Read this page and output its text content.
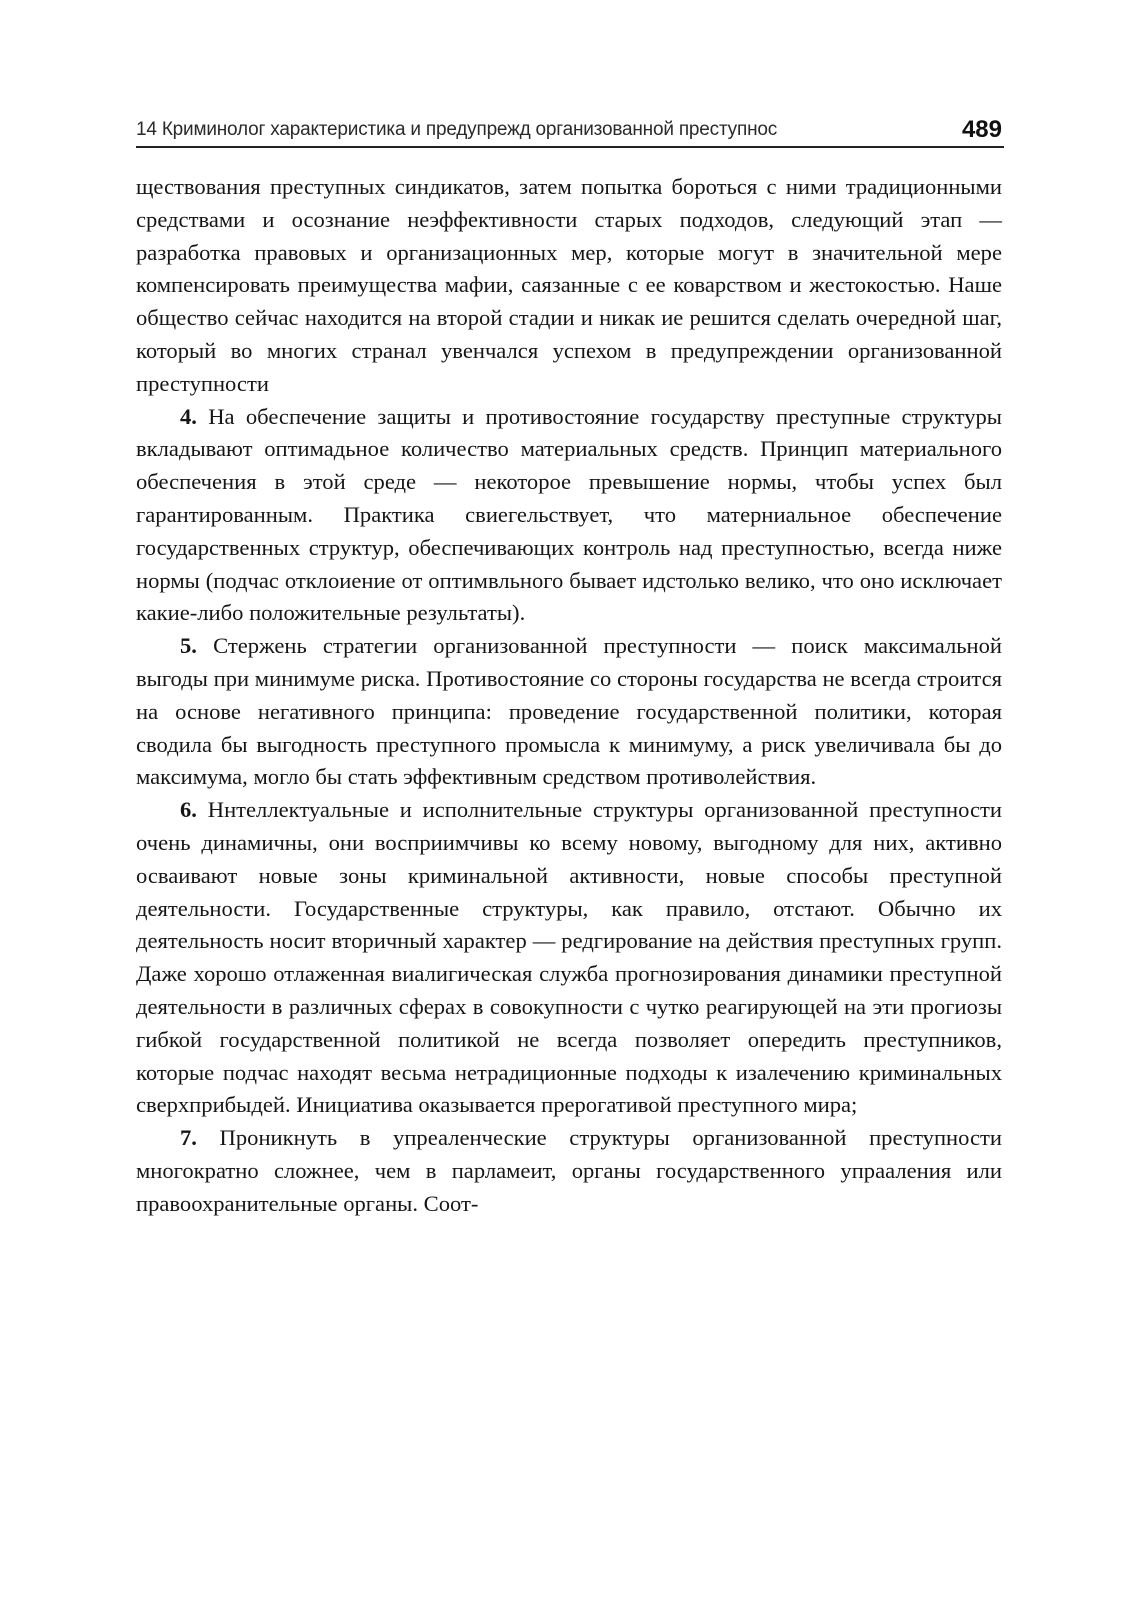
14 Криминолог характеристика и предупрежд организованной преступнос	489

ществования преступных синдикатов, затем попытка бороться с ними традиционными средствами и осознание неэффективности старых подходов, следующий этап — разработка правовых и организационных мер, которые могут в значительной мере компенсировать преимущества мафии, саязанные с ее коварством и жестокостью. Наше общество сейчас находится на второй стадии и никак ие решится сделать очередной шаг, который во многих странал увенчался успехом в предупреждении организованной преступности

4. На обеспечение защиты и противостояние государству преступные структуры вкладывают оптимадьное количество материальных средств. Принцип материального обеспечения в этой среде — некоторое превышение нормы, чтобы успех был гарантированным. Практика свиегельствует, что матерниальное обеспечение государственных структур, обеспечивающих контроль над преступностью, всегда ниже нормы (подчас отклоиение от оптимвльного бывает идстолько велико, что оно исключает какие-либо положительные результаты).

5. Стержень стратегии организованной преступности — поиск максимальной выгоды при минимуме риска. Противостояние со стороны государства не всегда строится на основе негативного принципа: проведение государственной политики, которая сводила бы выгодность преступного промысла к минимуму, а риск увеличивала бы до максимума, могло бы стать эффективным средством противолействия.

6. Ннтеллектуальные и исполнительные структуры организованной преступности очень динамичны, они восприимчивы ко всему новому, выгодному для них, активно осваивают новые зоны криминальной активности, новые способы преступной деятельности. Государственные структуры, как правило, отстают. Обычно их деятельность носит вторичный характер — редгирование на действия преступных групп. Даже хорошо отлаженная виалигическая служба прогнозирования динамики преступной деятельности в различных сферах в совокупности с чутко реагирующей на эти прогиозы гибкой государственной политикой не всегда позволяет опередить преступников, которые подчас находят весьма нетрадиционные подходы к изалечению криминальных сверхприбыдей. Инициатива оказывается прерогативой преступного мира;

7. Проникнуть в упреаленческие структуры организованной преступности многократно сложнее, чем в парламеит, органы государственного упрааления или правоохранительные органы. Соот-
